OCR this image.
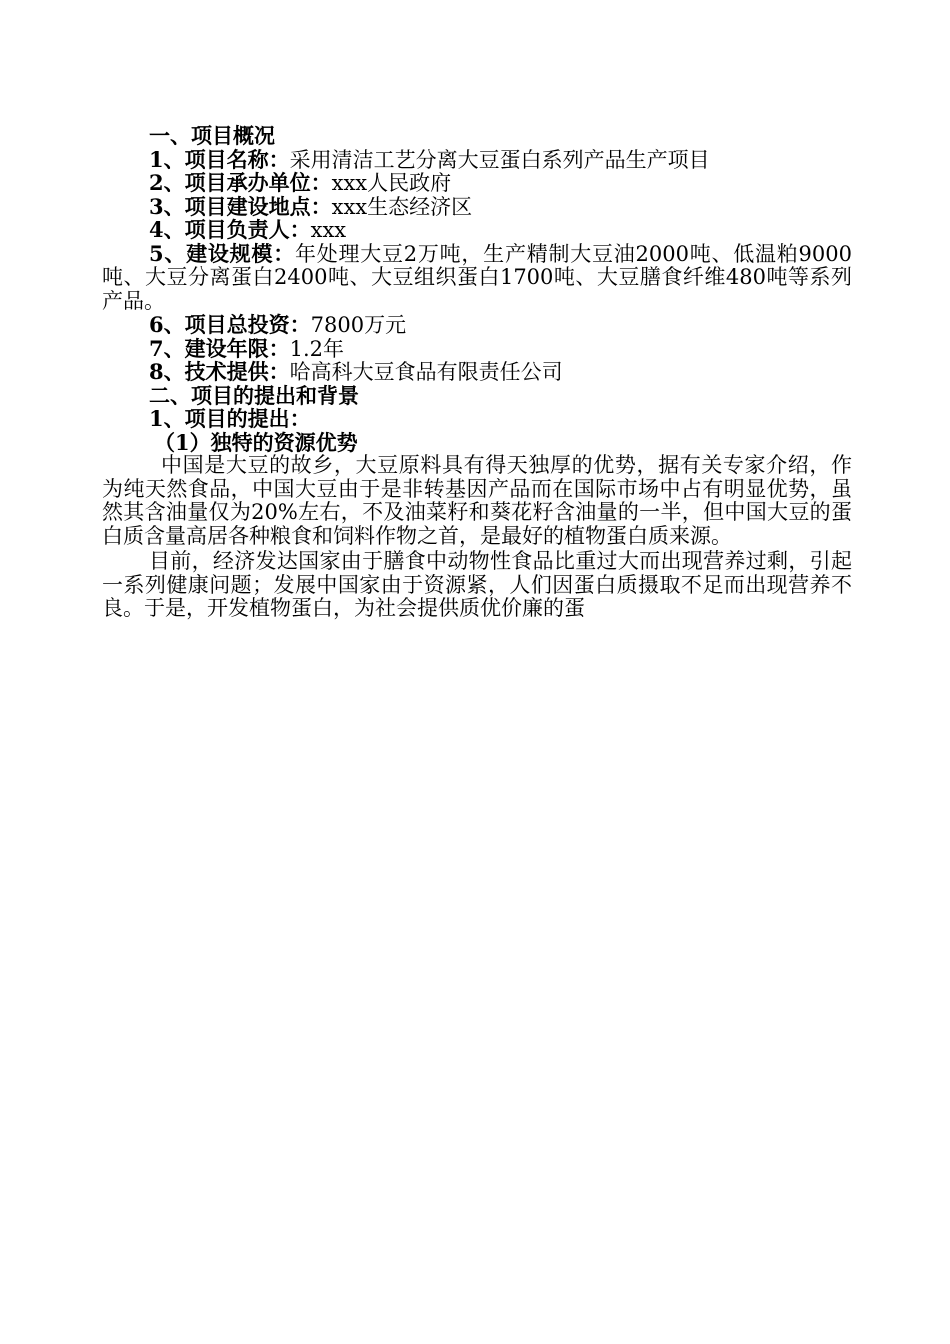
一、项目概况
1、项目名称：采用清洁工艺分离大豆蛋白系列产品生产项目
2、项目承办单位：xxx人民政府
3、项目建设地点：xxx生态经济区
4、项目负责人：xxx
5、建设规模：年处理大豆2万吨，生产精制大豆油2000吨、低温粕9000吨、大豆分离蛋白2400吨、大豆组织蛋白1700吨、大豆膳食纤维480吨等系列产品。
6、项目总投资：7800万元
7、建设年限：1.2年
8、技术提供：哈高科大豆食品有限责任公司
二、项目的提出和背景
1、项目的提出：
（1）独特的资源优势
中国是大豆的故乡，大豆原料具有得天独厚的优势，据有关专家介绍，作为纯天然食品，中国大豆由于是非转基因产品而在国际市场中占有明显优势，虽然其含油量仅为20%左右，不及油菜籽和葵花籽含油量的一半，但中国大豆的蛋白质含量高居各种粮食和饲料作物之首，是最好的植物蛋白质来源。
目前，经济发达国家由于膳食中动物性食品比重过大而出现营养过剩，引起一系列健康问题；发展中国家由于资源紧，人们因蛋白质摄取不足而出现营养不良。于是，开发植物蛋白，为社会提供质优价廉的蛋
